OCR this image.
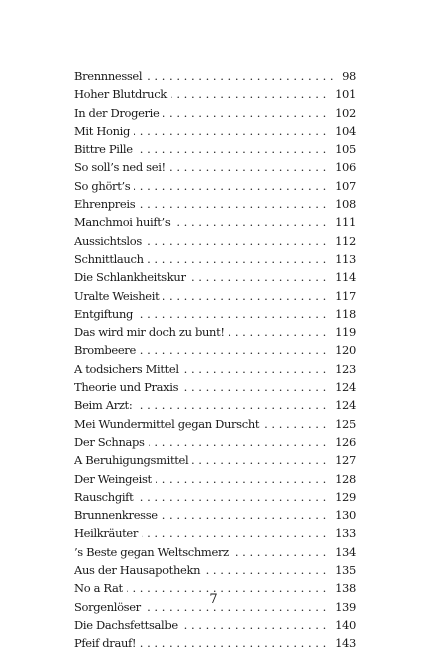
. . . Brennnessel	98
. . . Hoher Blutdruck	101
. . . In der Drogerie	102
. . . Mit Honig	104
. . . Bittre Pille	105
. . . So soll’s ned sei!	106
. . . So ghört’s	107
. . . Ehrenpreis	108
. . . Manchmoi huift’s	111
. . . Aussichtslos	112
. . . Schnittlauch	113
. . . Die Schlankheitskur	114
. . . Uralte Weisheit	117
. . . Entgiftung	118
. . . Das wird mir doch zu bunt!	119
. . . Brombeere	120
. . . A todsichers Mittel	123
. . . Theorie und Praxis	124
. . . Beim Arzt:	124
. . . Mei Wundermittel gegan Durscht	125
. . . Der Schnaps	126
. . . A Beruhigungsmittel	127
. . . Der Weingeist	128
. . . Rauschgift	129
. . . Brunnenkresse	130
. . . Heilkräuter	133
. . . ’s Beste gegan Weltschmerz	134
. . . Aus der Hausapothekn	135
. . . No a Rat	138
. . . Sorgenlöser	139
. . . Die Dachsfettsalbe	140
. . . Pfeif drauf!	143
7
